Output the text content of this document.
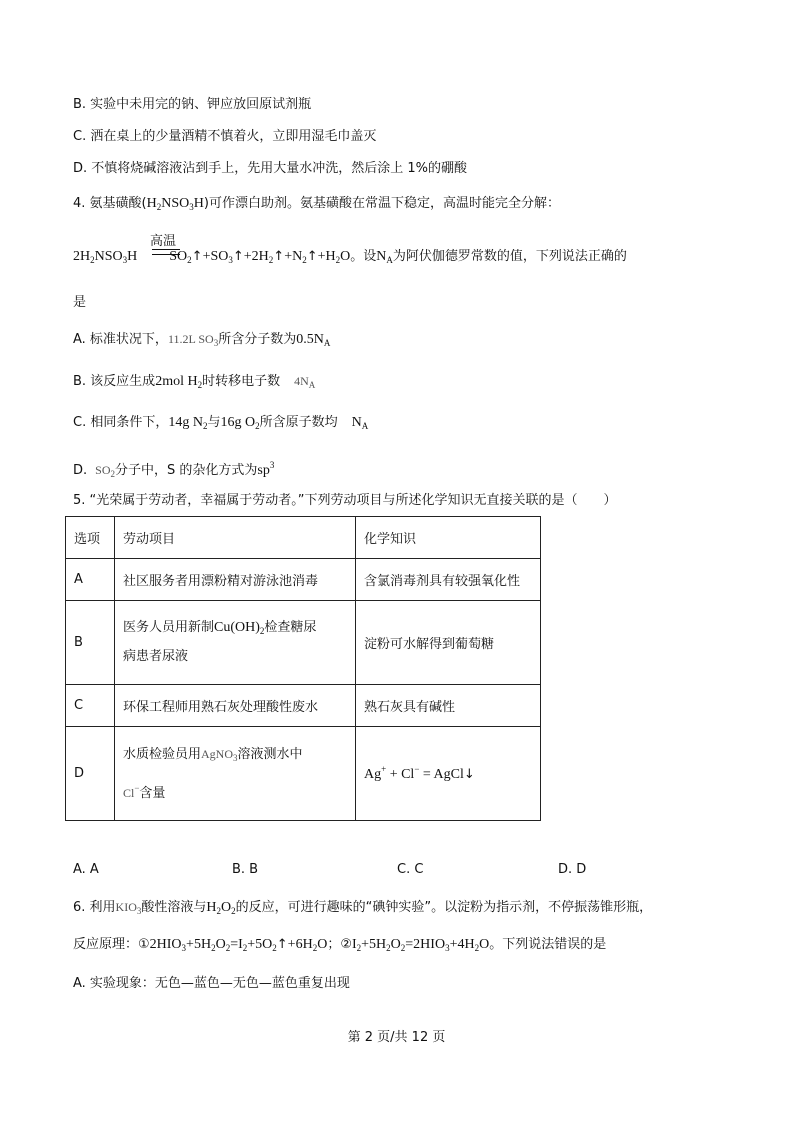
B. 实验中未用完的钠、钾应放回原试剂瓶
C. 洒在桌上的少量酒精不慎着火，立即用湿毛巾盖灭
D. 不慎将烧碱溶液沾到手上，先用大量水冲洗，然后涂上 1%的硼酸
4. 氨基磺酸$(H_2NSO_3H)$可作漂白助剂。氨基磺酸在常温下稳定，高温时能完全分解：
高温
$2H_2NSO_3H$ $SO_2↑+SO_3↑+2H_2↑+N_2↑+H_2O$。设$N_A$为阿伏伽德罗常数的值，下列说法正确的
是
A. 标准状况下，11.2L $SO_3$所含分子数为$0.5N_A$
B. 该反应生成2mol $H_2$时转移电子数 $4N_A$
C. 相同条件下，14g $N_2$与16g $O_2$所含原子数均 $N_A$
D. $SO_2$分子中，S 的杂化方式为$sp^3$
5. “光荣属于劳动者，幸福属于劳动者。”下列劳动项目与所述化学知识无直接关联的是（　　）
选项	劳动项目	化学知识
A	社区服务者用漂粉精对游泳池消毒	含氯消毒剂具有较强氧化性
B	医务人员用新制$Cu(OH)_2$检查糖尿
病患者尿液	淀粉可水解得到葡萄糖
C	环保工程师用熟石灰处理酸性废水	熟石灰具有碱性
D	水质检验员用AgNO$_3$溶液测水中
Cl−含量	Ag+ + Cl− = AgCl↓
A. A	B. B	C. C	D. D
6. 利用$KIO_3$酸性溶液与$H_2O_2$的反应，可进行趣味的“碘钟实验”。以淀粉为指示剂，不停振荡锥形瓶，
反应原理：$①2HIO_3+5H_2O_2=I_2+5O_2↑+6H_2O$；$②I_2+5H_2O_2=2HIO_3+4H_2O$。下列说法错误的是
A. 实验现象：无色—蓝色—无色—蓝色重复出现
第 2 页/共 12 页
